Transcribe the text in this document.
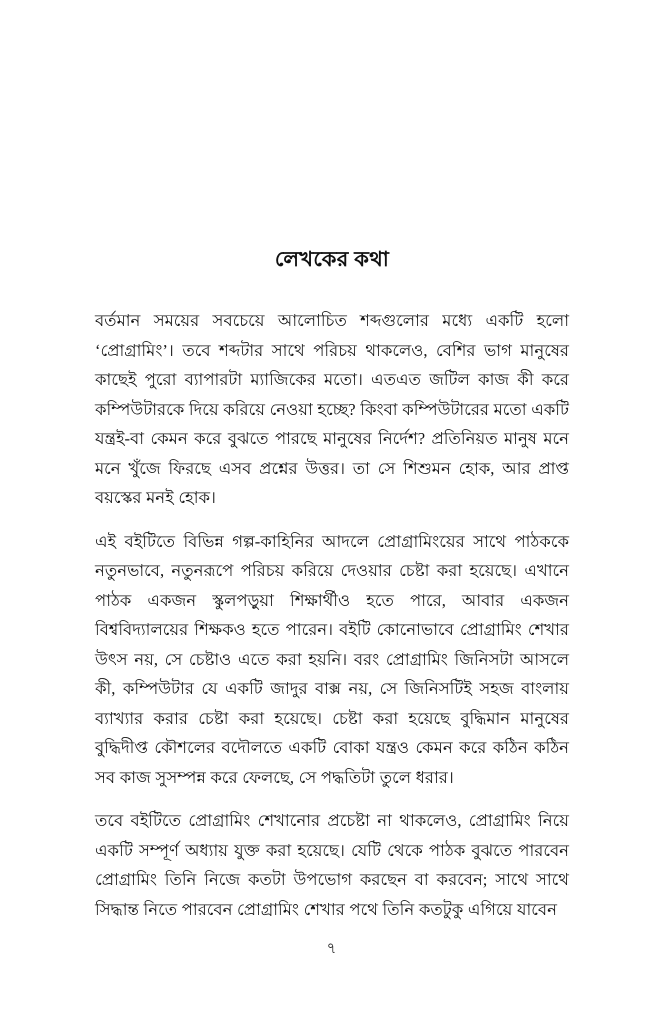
লেখকের কথা

বর্তমান সময়ের সবচেয়ে আলোচিত শব্দগুলোর মধ্যে একটি হলো ‘প্রোগ্রামিং’। তবে শব্দটার সাথে পরিচয় থাকলেও, বেশির ভাগ মানুষের কাছেই পুরো ব্যাপারটা ম্যাজিকের মতো। এতএত জটিল কাজ কী করে কম্পিউটারকে দিয়ে করিয়ে নেওয়া হচ্ছে? কিংবা কম্পিউটারের মতো একটি যন্ত্রই-বা কেমন করে বুঝতে পারছে মানুষের নির্দেশ? প্রতিনিয়ত মানুষ মনে মনে খুঁজে ফিরছে এসব প্রশ্নের উত্তর। তা সে শিশুমন হোক, আর প্রাপ্ত বয়স্কের মনই হোক।

এই বইটিতে বিভিন্ন গল্প-কাহিনির আদলে প্রোগ্রামিংয়ের সাথে পাঠককে নতুনভাবে, নতুনরূপে পরিচয় করিয়ে দেওয়ার চেষ্টা করা হয়েছে। এখানে পাঠক একজন স্কুলপড়ুয়া শিক্ষার্থীও হতে পারে, আবার একজন বিশ্ববিদ্যালয়ের শিক্ষকও হতে পারেন। বইটি কোনোভাবে প্রোগ্রামিং শেখার উৎস নয়, সে চেষ্টাও এতে করা হয়নি। বরং প্রোগ্রামিং জিনিসটা আসলে কী, কম্পিউটার যে একটি জাদুর বাক্স নয়, সে জিনিসটিই সহজ বাংলায় ব্যাখ্যার করার চেষ্টা করা হয়েছে। চেষ্টা করা হয়েছে বুদ্ধিমান মানুষের বুদ্ধিদীপ্ত কৌশলের বদৌলতে একটি বোকা যন্ত্রও কেমন করে কঠিন কঠিন সব কাজ সুসম্পন্ন করে ফেলছে, সে পদ্ধতিটা তুলে ধরার।

তবে বইটিতে প্রোগ্রামিং শেখানোর প্রচেষ্টা না থাকলেও, প্রোগ্রামিং নিয়ে একটি সম্পূর্ণ অধ্যায় যুক্ত করা হয়েছে। যেটি থেকে পাঠক বুঝতে পারবেন প্রোগ্রামিং তিনি নিজে কতটা উপভোগ করছেন বা করবেন; সাথে সাথে সিদ্ধান্ত নিতে পারবেন প্রোগ্রামিং শেখার পথে তিনি কতটুকু এগিয়ে যাবেন

৭
